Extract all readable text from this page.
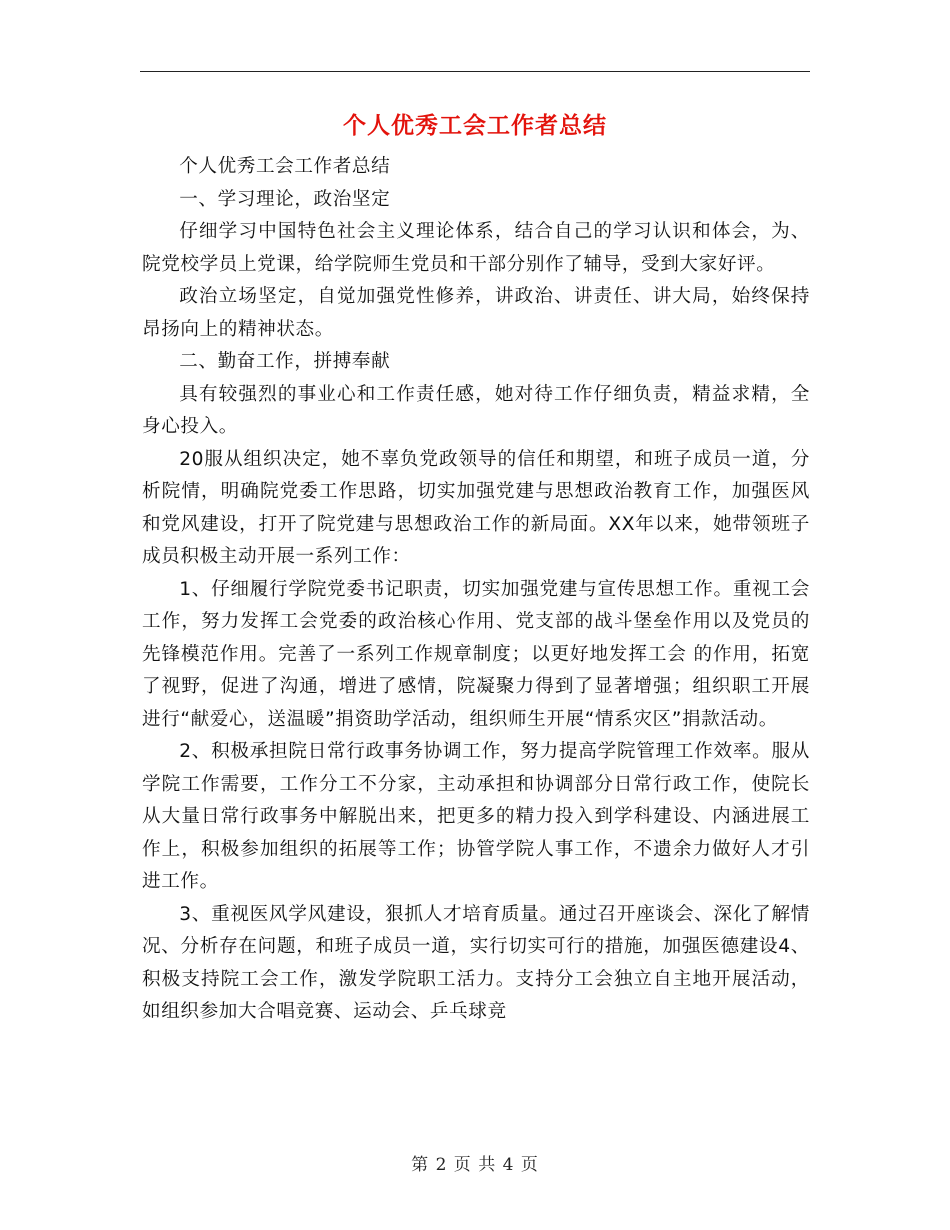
个人优秀工会工作者总结

个人优秀工会工作者总结

一、学习理论，政治坚定

仔细学习中国特色社会主义理论体系，结合自己的学习认识和体会，为、院党校学员上党课，给学院师生党员和干部分别作了辅导，受到大家好评。

政治立场坚定，自觉加强党性修养，讲政治、讲责任、讲大局，始终保持昂扬向上的精神状态。

二、勤奋工作，拼搏奉献

具有较强烈的事业心和工作责任感，她对待工作仔细负责，精益求精，全身心投入。

20服从组织决定，她不辜负党政领导的信任和期望，和班子成员一道，分析院情，明确院党委工作思路，切实加强党建与思想政治教育工作，加强医风和党风建设，打开了院党建与思想政治工作的新局面。XX年以来，她带领班子成员积极主动开展一系列工作：

1、仔细履行学院党委书记职责，切实加强党建与宣传思想工作。重视工会工作，努力发挥工会党委的政治核心作用、党支部的战斗堡垒作用以及党员的先锋模范作用。完善了一系列工作规章制度；以更好地发挥工会 的作用，拓宽了视野，促进了沟通，增进了感情，院凝聚力得到了显著增强；组织职工开展进行“献爱心，送温暖”捐资助学活动，组织师生开展“情系灾区”捐款活动。

2、积极承担院日常行政事务协调工作，努力提高学院管理工作效率。服从学院工作需要，工作分工不分家，主动承担和协调部分日常行政工作，使院长从大量日常行政事务中解脱出来，把更多的精力投入到学科建设、内涵进展工作上，积极参加组织的拓展等工作；协管学院人事工作，不遗余力做好人才引进工作。

3、重视医风学风建设，狠抓人才培育质量。通过召开座谈会、深化了解情况、分析存在问题，和班子成员一道，实行切实可行的措施，加强医德建设4、积极支持院工会工作，激发学院职工活力。支持分工会独立自主地开展活动，如组织参加大合唱竞赛、运动会、乒乓球竞

第 2 页 共 4 页
